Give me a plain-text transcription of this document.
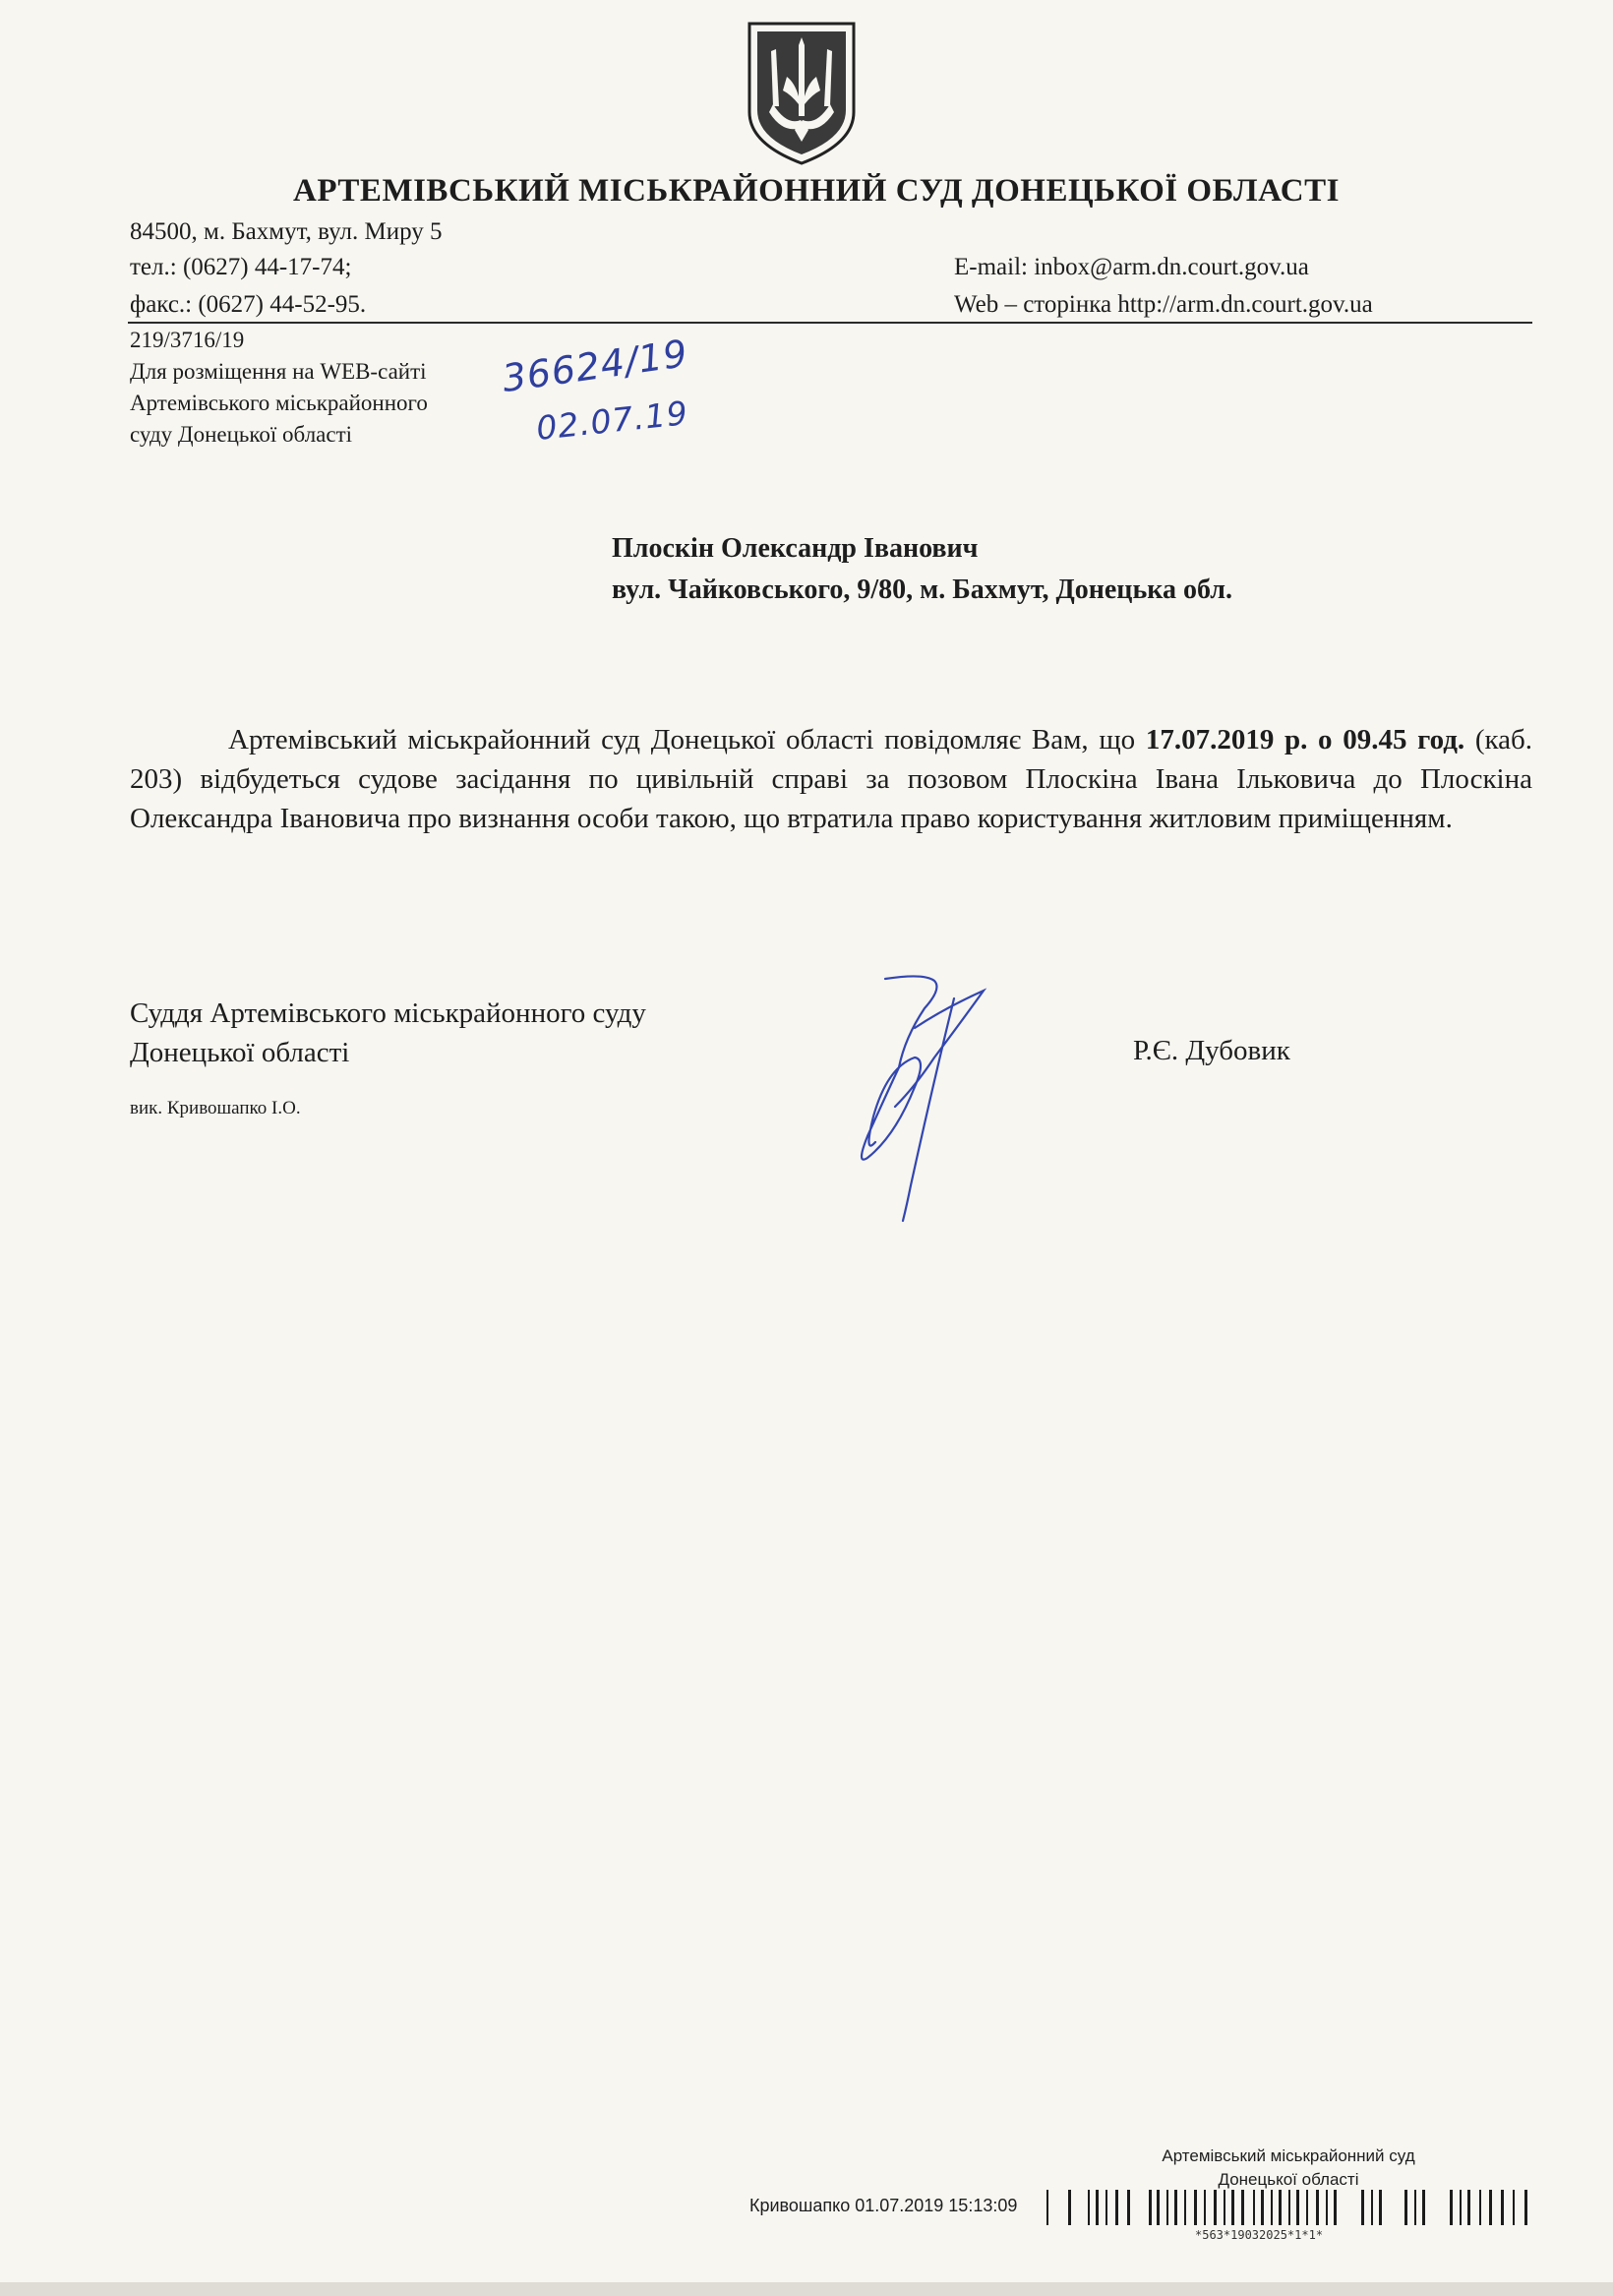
АРТЕМІВСЬКИЙ МІСЬКРАЙОННИЙ СУД ДОНЕЦЬКОЇ ОБЛАСТІ
84500, м. Бахмут, вул. Миру 5
тел.: (0627) 44-17-74;
факс.: (0627) 44-52-95.
E-mail: inbox@arm.dn.court.gov.ua
Web – сторінка http://arm.dn.court.gov.ua
219/3716/19
Для розміщення на WEB-сайті
Артемівського міськрайонного
суду Донецької області
36624/19
02.07.19
Плоскін Олександр Іванович
вул. Чайковського, 9/80, м. Бахмут, Донецька обл.
Артемівський міськрайонний суд Донецької області повідомляє Вам, що 17.07.2019 р. о 09.45 год. (каб. 203) відбудеться судове засідання по цивільній справі за позовом Плоскіна Івана Ільковича до Плоскіна Олександра Івановича про визнання особи такою, що втратила право користування житловим приміщенням.
Суддя Артемівського міськрайонного суду
Донецької області	Р.Є. Дубовик
вик. Кривошапко І.О.
Артемівський міськрайонний суд
Донецької області
Кривошапко 01.07.2019 15:13:09
*563*19032025*1*1*
